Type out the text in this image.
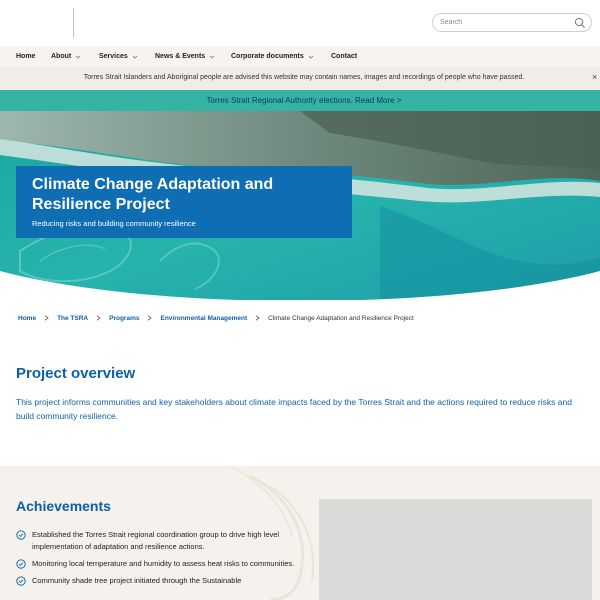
Search
Home About	Services	News & Events	Corporate documents	Contact
Torres Strait Islanders and Aboriginal people are advised this website may contain names, images and recordings of people who have passed.	×
Torres Strait Regional Authority elections. Read More >
Climate Change Adaptation and Resilience Project
Reducing risks and building community resilience
Home	The TSRA	Programs	Environmental Management	Climate Change Adaptation and Resilience Project
Project overview

This project informs communities and key stakeholders about climate impacts faced by the Torres Strait and the actions required to reduce risks and build community resilience.

Achievements
Established the Torres Strait regional coordination group to drive high level implementation of adaptation and resilience actions.
Monitoring local temperature and humidity to assess heat risks to communities.
Community shade tree project initiated through the Sustainable
